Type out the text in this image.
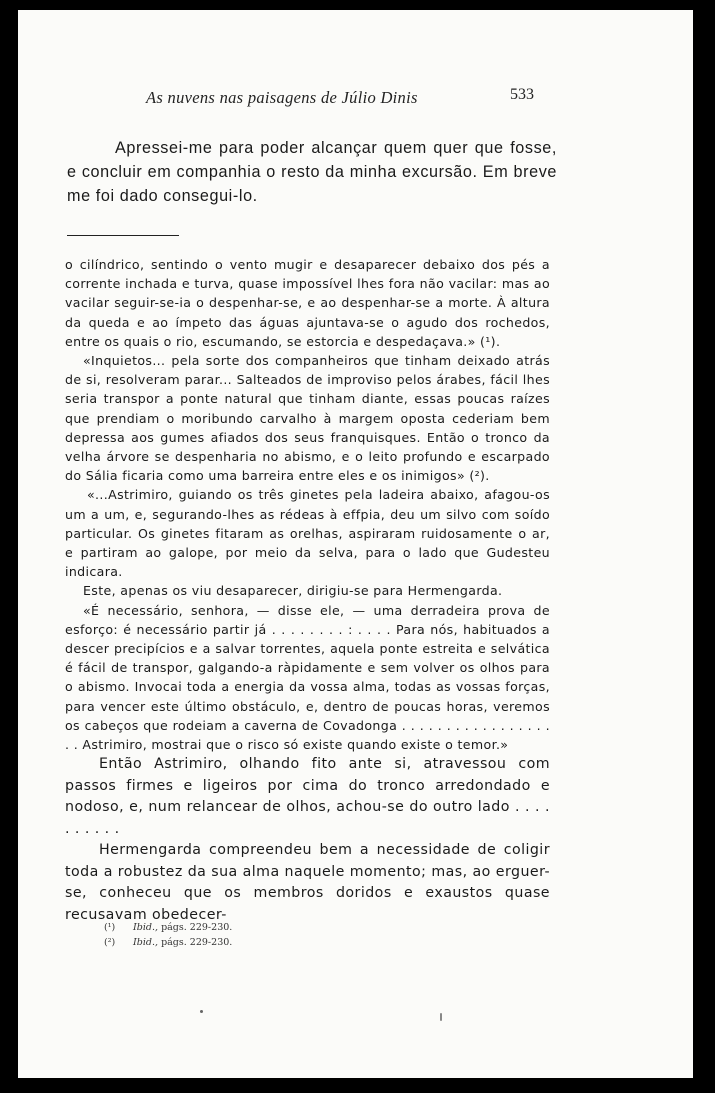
As nuvens nas paisagens de Júlio Dinis	533

Apressei-me para poder alcançar quem quer que fosse, e concluir em companhia o resto da minha excursão. Em breve me foi dado consegui-lo.

o cilíndrico, sentindo o vento mugir e desaparecer debaixo dos pés a corrente inchada e turva, quase impossível lhes fora não vacilar: mas ao vacilar seguir-se-ia o despenhar-se, e ao despenhar-se a morte. À altura da queda e ao ímpeto das águas ajuntava-se o agudo dos rochedos, entre os quais o rio, escumando, se estorcia e despedaçava.» (¹).

«Inquietos... pela sorte dos companheiros que tinham deixado atrás de si, resolveram parar... Salteados de improviso pelos árabes, fácil lhes seria transpor a ponte natural que tinham diante, essas poucas raízes que prendiam o moribundo carvalho à margem oposta cederiam bem depressa aos gumes afiados dos seus franquisques. Então o tronco da velha árvore se despenharia no abismo, e o leito profundo e escarpado do Sália ficaria como uma barreira entre eles e os inimigos» (²).

«...Astrimiro, guiando os três ginetes pela ladeira abaixo, afagou-os um a um, e, segurando-lhes as rédeas à effpia, deu um silvo com soído particular. Os ginetes fitaram as orelhas, aspiraram ruidosamente o ar, e partiram ao galope, por meio da selva, para o lado que Gudesteu indicara.

Este, apenas os viu desaparecer, dirigiu-se para Hermengarda.

«É necessário, senhora, — disse ele, — uma derradeira prova de esforço: é necessário partir já . . . . . . . . : . . . . Para nós, habituados a descer precipícios e a salvar torrentes, aquela ponte estreita e selvática é fácil de transpor, galgando-a ràpidamente e sem volver os olhos para o abismo. Invocai toda a energia da vossa alma, todas as vossas forças, para vencer este último obstáculo, e, dentro de poucas horas, veremos os cabeços que rodeiam a caverna de Covadonga . . . . . . . . . . . . . . . . . . . Astrimiro, mostrai que o risco só existe quando existe o temor.»

Então Astrimiro, olhando fito ante si, atravessou com passos firmes e ligeiros por cima do tronco arredondado e nodoso, e, num relancear de olhos, achou-se do outro lado . . . . . . . . . .

Hermengarda compreendeu bem a necessidade de coligir toda a robustez da sua alma naquele momento; mas, ao erguer-se, conheceu que os membros doridos e exaustos quase recusavam obedecer-

(¹) Ibid., págs. 229-230.
(²) Ibid., págs. 229-230.
